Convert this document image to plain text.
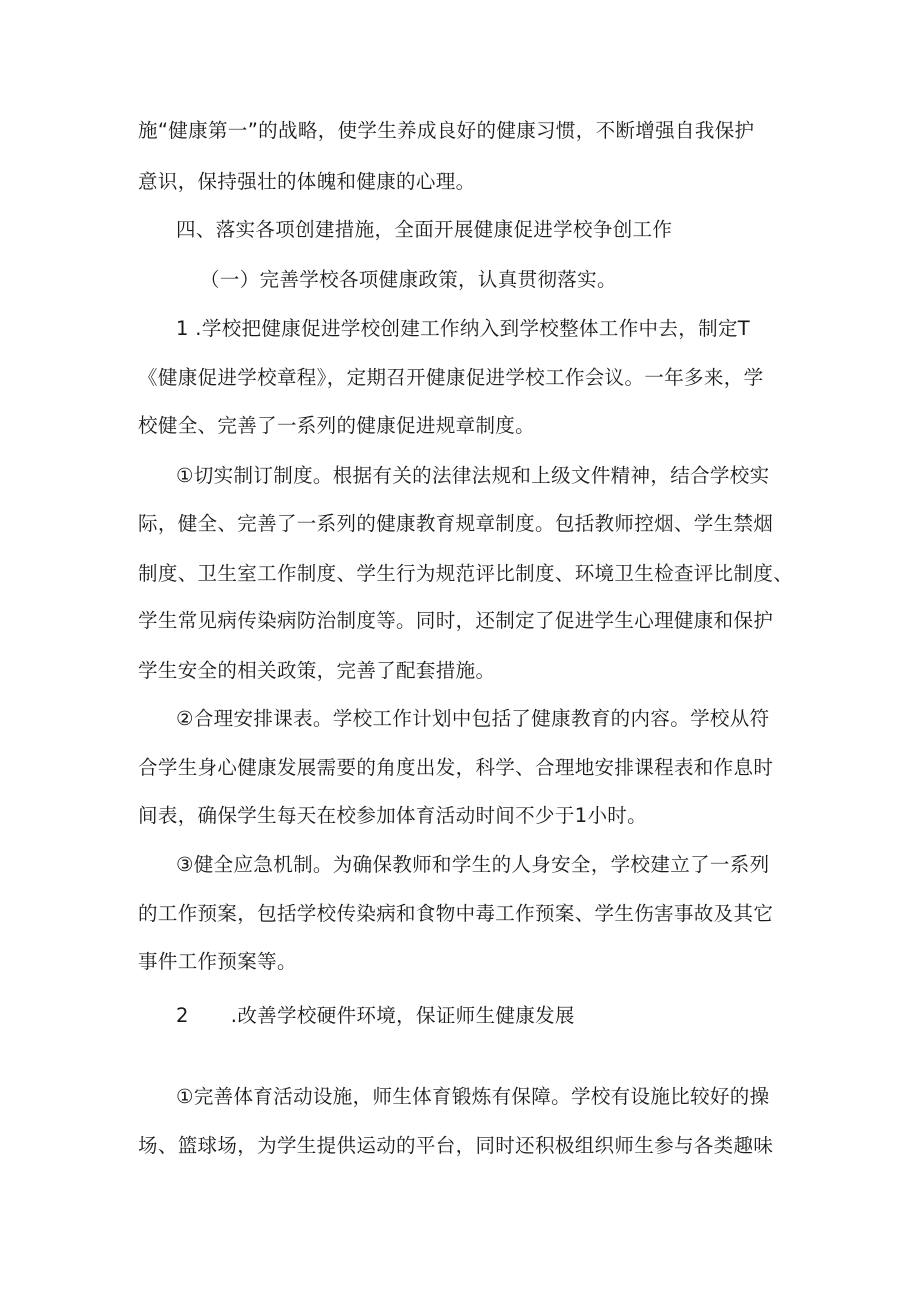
施“健康第一”的战略，使学生养成良好的健康习惯，不断增强自我保护
意识，保持强壮的体魄和健康的心理。
四、落实各项创建措施，全面开展健康促进学校争创工作
（一）完善学校各项健康政策，认真贯彻落实。
1 .学校把健康促进学校创建工作纳入到学校整体工作中去，制定T
《健康促进学校章程》，定期召开健康促进学校工作会议。一年多来，学
校健全、完善了一系列的健康促进规章制度。
①切实制订制度。根据有关的法律法规和上级文件精神，结合学校实
际，健全、完善了一系列的健康教育规章制度。包括教师控烟、学生禁烟
制度、卫生室工作制度、学生行为规范评比制度、环境卫生检查评比制度、
学生常见病传染病防治制度等。同时，还制定了促进学生心理健康和保护
学生安全的相关政策，完善了配套措施。
②合理安排课表。学校工作计划中包括了健康教育的内容。学校从符
合学生身心健康发展需要的角度出发，科学、合理地安排课程表和作息时
间表，确保学生每天在校参加体育活动时间不少于1小时。
③健全应急机制。为确保教师和学生的人身安全，学校建立了一系列
的工作预案，包括学校传染病和食物中毒工作预案、学生伤害事故及其它
事件工作预案等。
2 .改善学校硬件环境，保证师生健康发展
①完善体育活动设施，师生体育锻炼有保障。学校有设施比较好的操
场、篮球场，为学生提供运动的平台，同时还积极组织师生参与各类趣味
